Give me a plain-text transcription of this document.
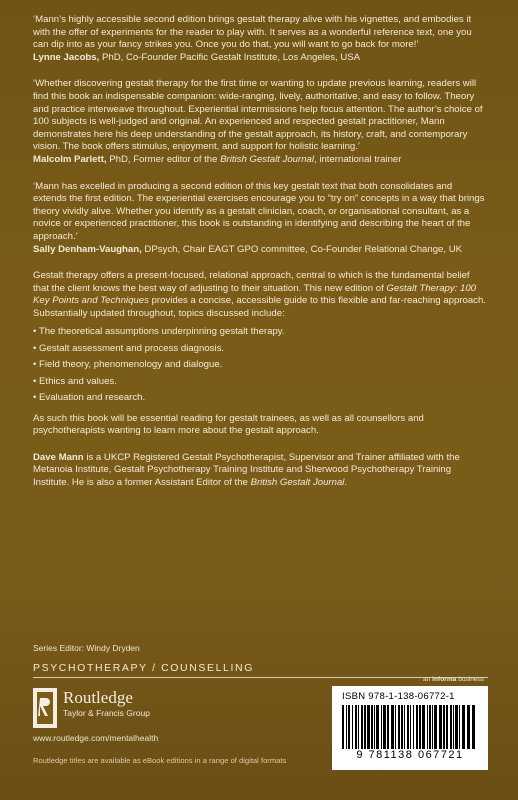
‘Mann’s highly accessible second edition brings gestalt therapy alive with his vignettes, and embodies it with the offer of experiments for the reader to play with. It serves as a wonderful reference text, one you can dip into as your fancy strikes you. Once you do that, you will want to go back for more!’
Lynne Jacobs, PhD, Co-Founder Pacific Gestalt Institute, Los Angeles, USA

‘Whether discovering gestalt therapy for the first time or wanting to update previous learning, readers will find this book an indispensable companion: wide-ranging, lively, authoritative, and easy to follow. Theory and practice interweave throughout. Experiential intermissions help focus attention. The author’s choice of 100 subjects is well-judged and original. An experienced and respected gestalt practitioner, Mann demonstrates here his deep understanding of the gestalt approach, its history, craft, and contemporary vision. The book offers stimulus, enjoyment, and support for holistic learning.’
Malcolm Parlett, PhD, Former editor of the British Gestalt Journal, international trainer

‘Mann has excelled in producing a second edition of this key gestalt text that both consolidates and extends the first edition. The experiential exercises encourage you to “try on” concepts in a way that brings theory vividly alive. Whether you identify as a gestalt clinician, coach, or organisational consultant, as a novice or experienced practitioner, this book is outstanding in identifying and describing the heart of the approach.’
Sally Denham-Vaughan, DPsych, Chair EAGT GPO committee, Co-Founder Relational Change, UK

Gestalt therapy offers a present-focused, relational approach, central to which is the fundamental belief that the client knows the best way of adjusting to their situation. This new edition of Gestalt Therapy: 100 Key Points and Techniques provides a concise, accessible guide to this flexible and far-reaching approach. Substantially updated throughout, topics discussed include:

• The theoretical assumptions underpinning gestalt therapy.
• Gestalt assessment and process diagnosis.
• Field theory, phenomenology and dialogue.
• Ethics and values.
• Evaluation and research.

As such this book will be essential reading for gestalt trainees, as well as all counsellors and psychotherapists wanting to learn more about the gestalt approach.

Dave Mann is a UKCP Registered Gestalt Psychotherapist, Supervisor and Trainer affiliated with the Metanoia Institute, Gestalt Psychotherapy Training Institute and Sherwood Psychotherapy Training Institute. He is also a former Assistant Editor of the British Gestalt Journal.

Series Editor: Windy Dryden
PSYCHOTHERAPY / COUNSELLING
an informa business
Routledge
Taylor & Francis Group
www.routledge.com/mentalhealth
Routledge titles are available as eBook editions in a range of digital formats
ISBN 978-1-138-06772-1
9 781138 067721
